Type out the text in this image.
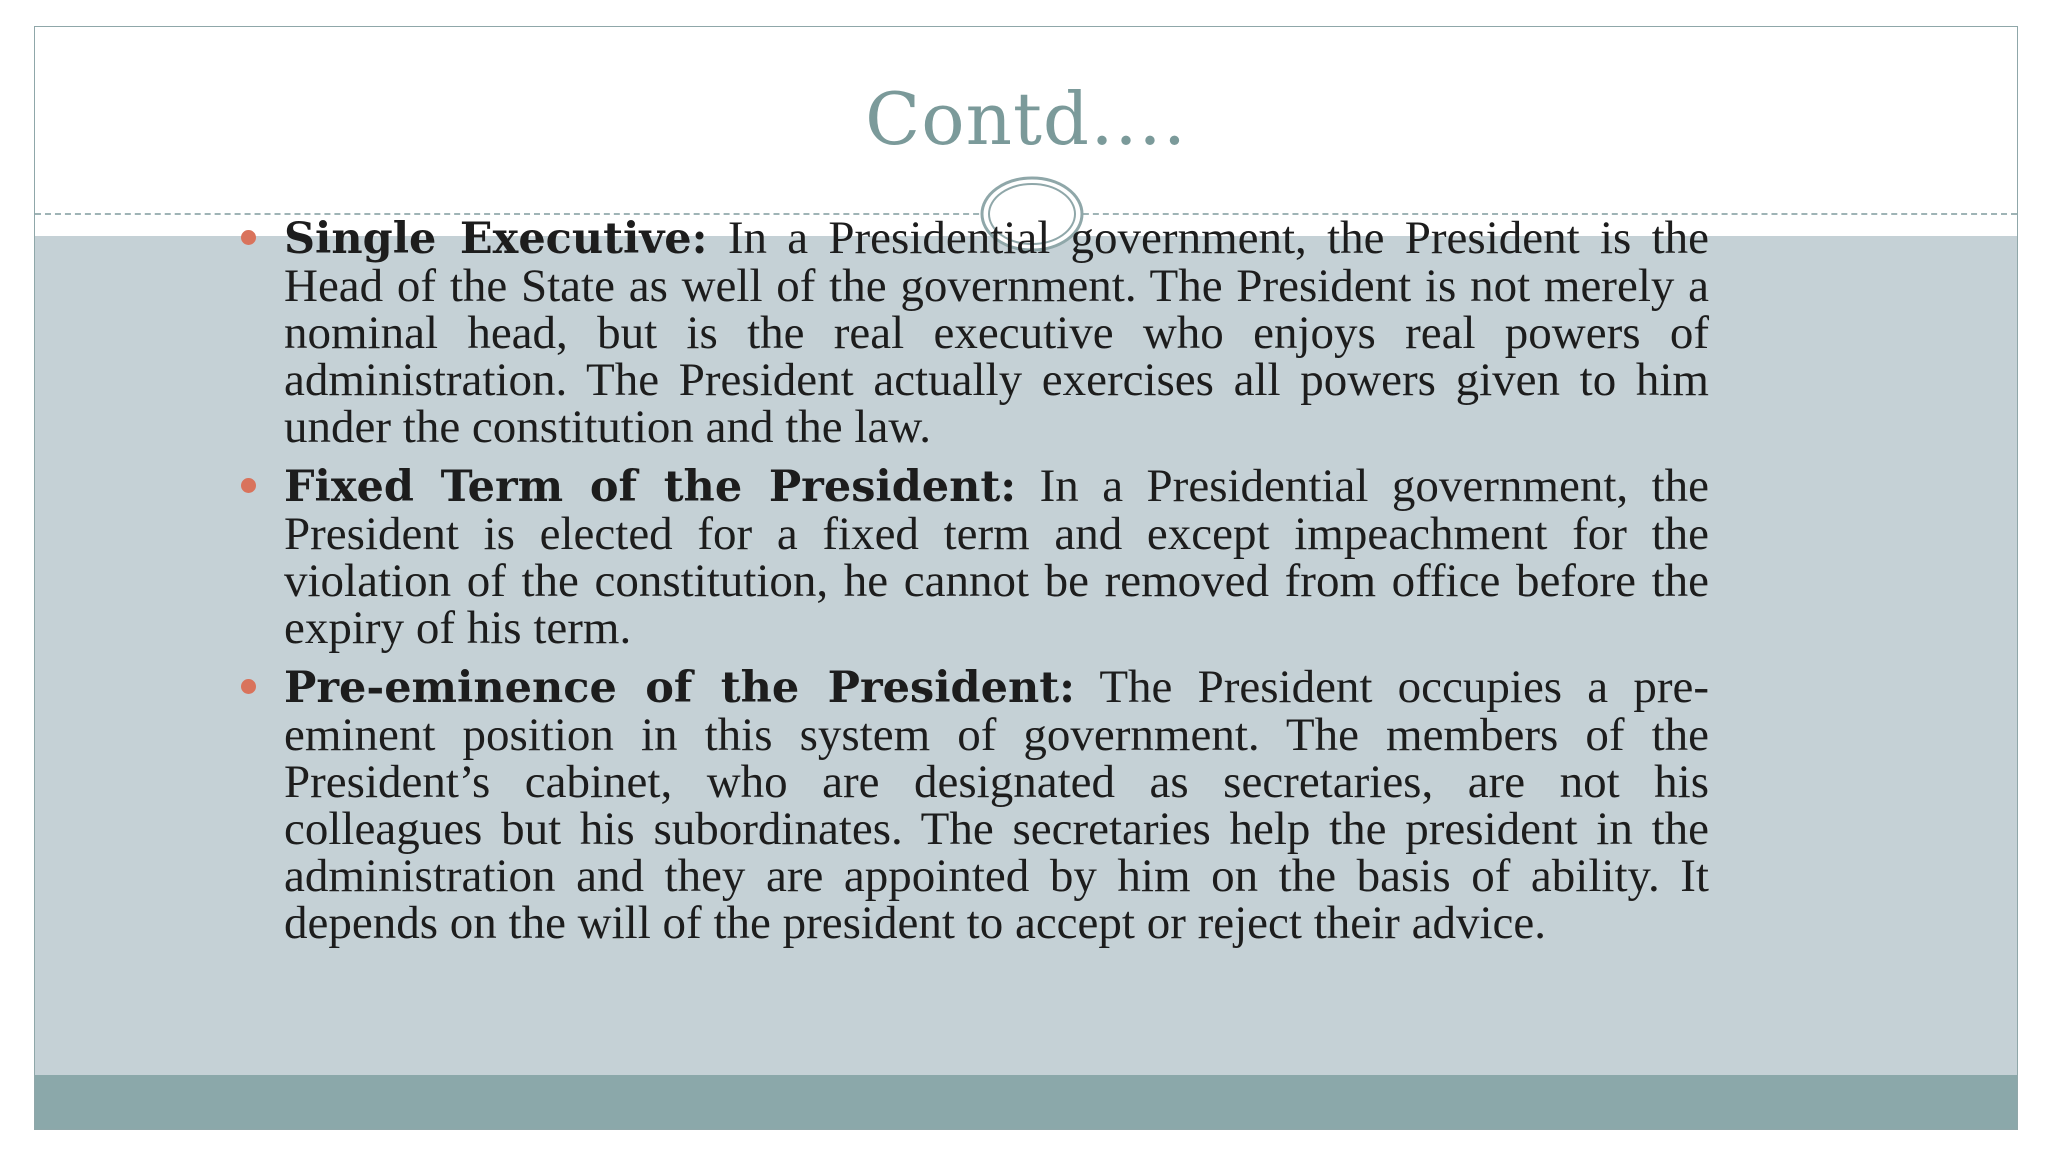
Contd….
Single Executive: In a Presidential government, the President is the Head of the State as well of the government. The President is not merely a nominal head, but is the real executive who enjoys real powers of administration. The President actually exercises all powers given to him under the constitution and the law.
Fixed Term of the President: In a Presidential government, the President is elected for a fixed term and except impeachment for the violation of the constitution, he cannot be removed from office before the expiry of his term.
Pre-eminence of the President: The President occupies a pre-eminent position in this system of government. The members of the President’s cabinet, who are designated as secretaries, are not his colleagues but his subordinates. The secretaries help the president in the administration and they are appointed by him on the basis of ability. It depends on the will of the president to accept or reject their advice.
